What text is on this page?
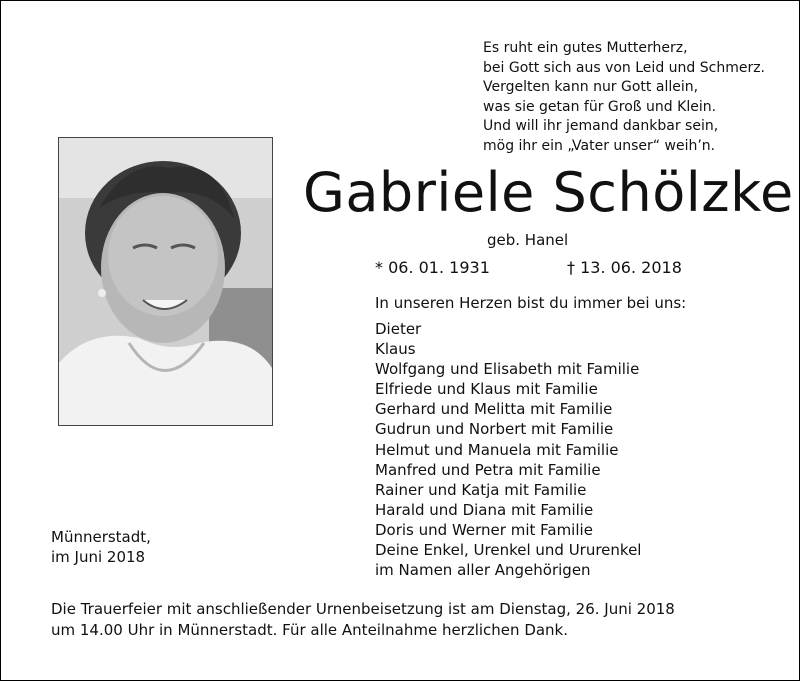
Es ruht ein gutes Mutterherz,
bei Gott sich aus von Leid und Schmerz.
Vergelten kann nur Gott allein,
was sie getan für Groß und Klein.
Und will ihr jemand dankbar sein,
mög ihr ein „Vater unser“ weih’n.
Gabriele Schölzke
geb. Hanel
* 06. 01. 1931	† 13. 06. 2018
In unseren Herzen bist du immer bei uns:
Dieter
Klaus
Wolfgang und Elisabeth mit Familie
Elfriede und Klaus mit Familie
Gerhard und Melitta mit Familie
Gudrun und Norbert mit Familie
Helmut und Manuela mit Familie
Manfred und Petra mit Familie
Rainer und Katja mit Familie
Harald und Diana mit Familie
Doris und Werner mit Familie
Deine Enkel, Urenkel und Ururenkel
im Namen aller Angehörigen
Münnerstadt,
im Juni 2018
Die Trauerfeier mit anschließender Urnenbeisetzung ist am Dienstag, 26. Juni 2018
um 14.00 Uhr in Münnerstadt. Für alle Anteilnahme herzlichen Dank.
